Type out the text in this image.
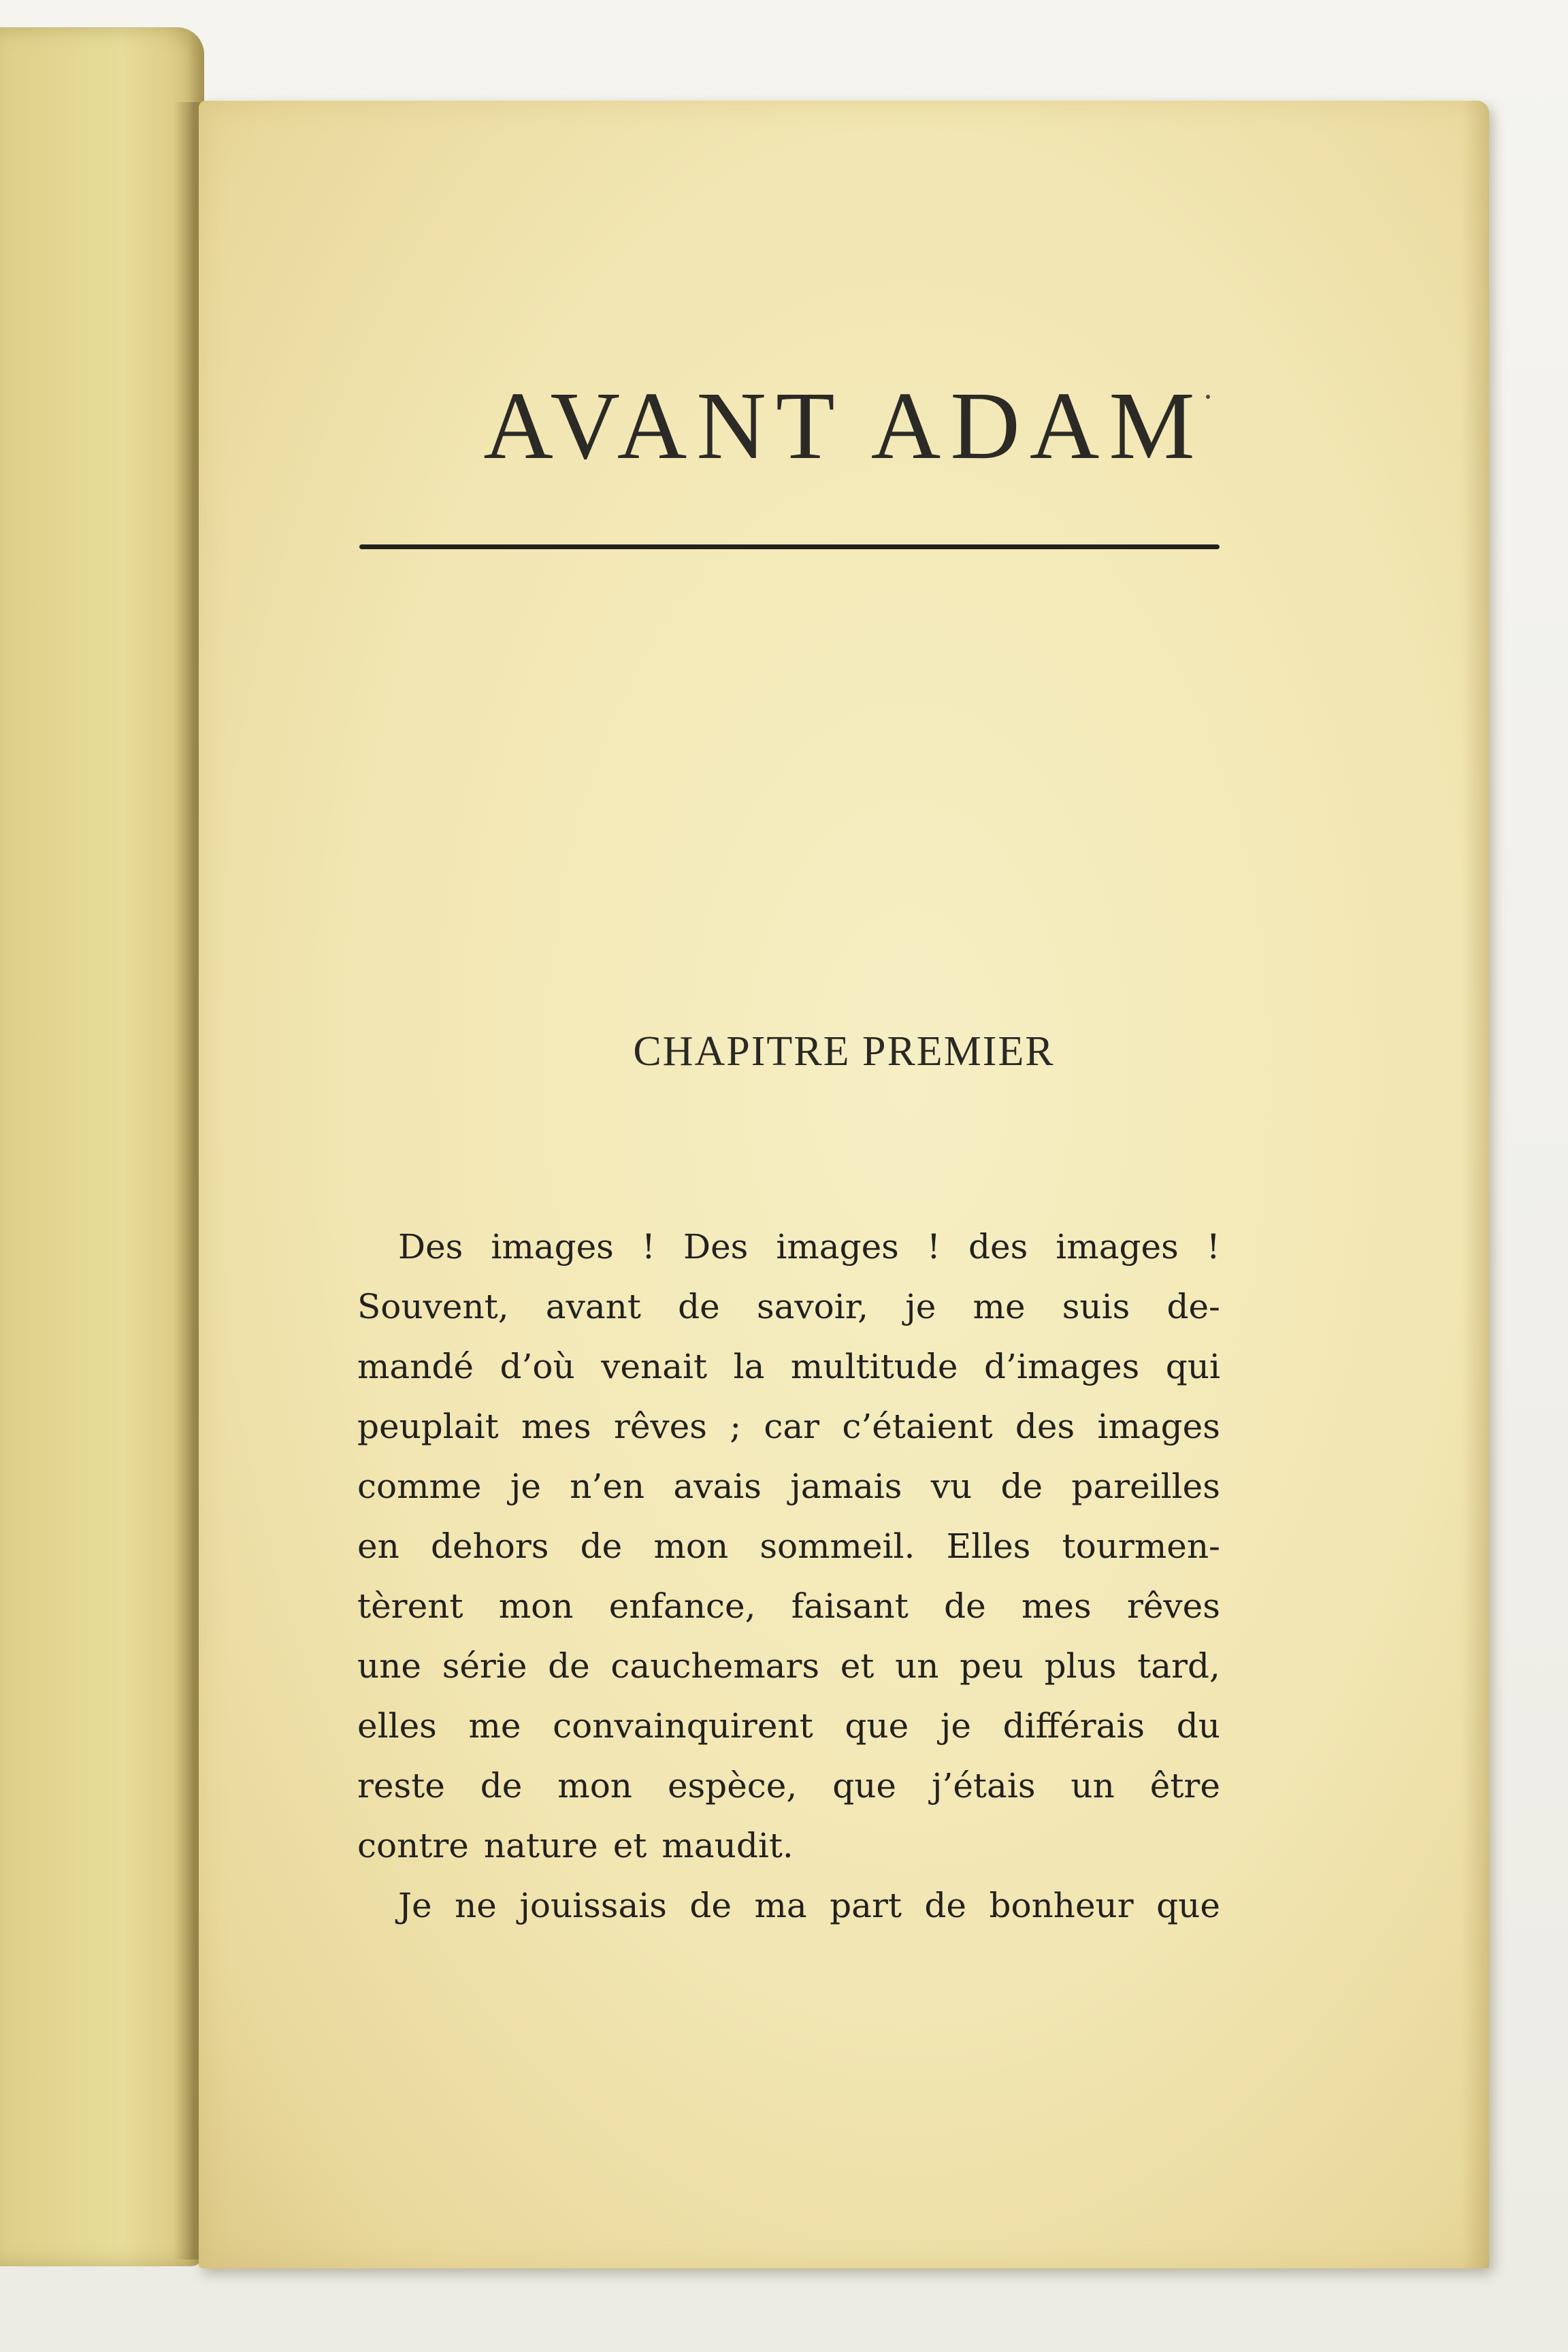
AVANT ADAM
CHAPITRE PREMIER
Des images ! Des images ! des images !
Souvent, avant de savoir, je me suis de-
mandé d’où venait la multitude d’images qui
peuplait mes rêves ; car c’étaient des images
comme je n’en avais jamais vu de pareilles
en dehors de mon sommeil. Elles tourmen-
tèrent mon enfance, faisant de mes rêves
une série de cauchemars et un peu plus tard,
elles me convainquirent que je différais du
reste de mon espèce, que j’étais un être
contre nature et maudit.
Je ne jouissais de ma part de bonheur que
